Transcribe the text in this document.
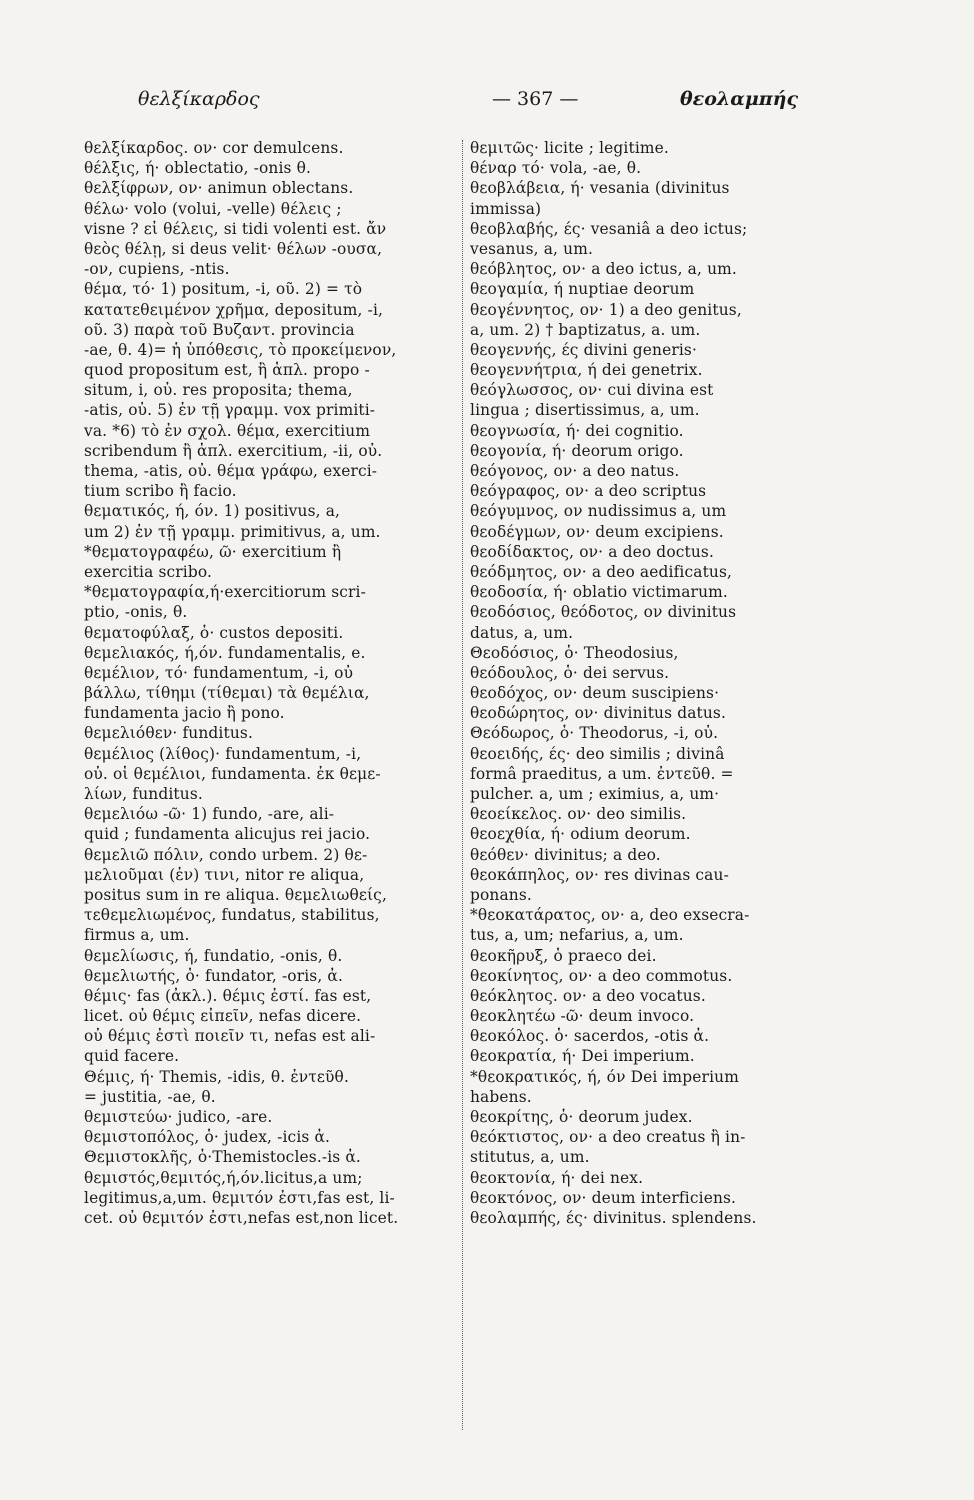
θελξίκαρδος	— 367 —	θεολαμπής
θελξίκαρδος. ον· cor demulcens.
θέλξις, ή· oblectatio, -onis θ.
θελξίφρων, ον· animun oblectans.
θέλω· volo (volui, -velle) θέλεις ;
visne ? εἰ θέλεις, si tidi volenti est. ἄν
θεὸς θέλῃ, si deus velit· θέλων -ουσα,
-ον, cupiens, -ntis.
θέμα, τό· 1) positum, -i, οῦ. 2) = τὸ
κατατεθειμένον χρῆμα, depositum, -i,
οῦ. 3) παρὰ τοῦ Βυζαντ. provincia
-ae, θ. 4)= ἡ ὑπόθεσις, τὸ προκείμενον,
quod propositum est, ἢ ἁπλ. propo -
situm, i, οὐ. res proposita; thema,
-atis, οὐ. 5) ἐν τῇ γραμμ. vox primiti-
va. *6) τὸ ἐν σχολ. θέμα, exercitium
scribendum ἢ ἁπλ. exercitium, -ii, οὐ.
thema, -atis, οὐ. θέμα γράφω, exerci-
tium scribo ἢ facio.
θεματικός, ή, όν. 1) positivus, a,
um 2) ἐν τῇ γραμμ. primitivus, a, um.
*θεματογραφέω, ῶ· exercitium ἢ
exercitia scribo.
*θεματογραφία,ή·exercitiorum scri-
ptio, -onis, θ.
θεματοφύλαξ, ὁ· custos depositi.
θεμελιακός, ή,όν. fundamentalis, e.
θεμέλιον, τό· fundamentum, -i, οὐ
βάλλω, τίθημι (τίθεμαι) τὰ θεμέλια,
fundamenta jacio ἢ pono.
θεμελιόθεν· funditus.
θεμέλιος (λίθος)· fundamentum, -i,
οὐ. οἱ θεμέλιοι, fundamenta. ἐκ θεμε-
λίων, funditus.
θεμελιόω -ῶ· 1) fundo, -are, ali-
quid ; fundamenta alicujus rei jacio.
θεμελιῶ πόλιν, condo urbem. 2) θε-
μελιοῦμαι (ἐν) τινι, nitor re aliqua,
positus sum in re aliqua. θεμελιωθείς,
τεθεμελιωμένος, fundatus, stabilitus,
firmus a, um.
θεμελίωσις, ή, fundatio, -onis, θ.
θεμελιωτής, ὁ· fundator, -oris, ἀ.
θέμις· fas (ἀκλ.). θέμις ἐστί. fas est,
licet. οὐ θέμις εἰπεῖν, nefas dicere.
οὐ θέμις ἐστὶ ποιεῖν τι, nefas est ali-
quid facere.
Θέμις, ή· Themis, -idis, θ. ἐντεῦθ.
= justitia, -ae, θ.
θεμιστεύω· judico, -are.
θεμιστοπόλος, ὁ· judex, -icis ἀ.
Θεμιστοκλῆς, ὁ·Themistocles.-is ἀ.
θεμιστός,θεμιτός,ή,όν.licitus,a um;
legitimus,a,um. θεμιτόν ἐστι,fas est, li-
cet. οὐ θεμιτόν ἐστι,nefas est,non licet.
θεμιτῶς· licite ; legitime.
θέναρ τό· vola, -ae, θ.
θεοβλάβεια, ή· vesania (divinitus
immissa)
θεοβλαβής, ές· vesaniâ a deo ictus;
vesanus, a, um.
θεόβλητος, ον· a deo ictus, a, um.
θεογαμία, ή nuptiae deorum
θεογέννητος, ον· 1) a deo genitus,
a, um. 2) † baptizatus, a. um.
θεογεννής, ές divini generis·
θεογεννήτρια, ή dei genetrix.
θεόγλωσσος, ον· cui divina est
lingua ; disertissimus, a, um.
θεογνωσία, ή· dei cognitio.
θεογονία, ή· deorum origo.
θεόγονος, ον· a deo natus.
θεόγραφος, ον· a deo scriptus
θεόγυμνος, ον nudissimus a, um
θεοδέγμων, ον· deum excipiens.
θεοδίδακτος, ον· a deo doctus.
θεόδμητος, ον· a deo aedificatus,
θεοδοσία, ή· oblatio victimarum.
θεοδόσιος, θεόδοτος, ον divinitus
datus, a, um.
Θεοδόσιος, ὁ· Theodosius,
θεόδουλος, ὁ· dei servus.
θεοδόχος, ον· deum suscipiens·
θεοδώρητος, ον· divinitus datus.
Θεόδωρος, ὁ· Theodorus, -i, οὐ.
θεοειδής, ές· deo similis ; divinâ
formâ praeditus, a um. ἐντεῦθ. =
pulcher. a, um ; eximius, a, um·
θεοείκελος. ον· deo similis.
θεοεχθία, ή· odium deorum.
θεόθεν· divinitus; a deo.
θεοκάπηλος, ον· res divinas cau-
ponans.
*θεοκατάρατος, ον· a, deo exsecra-
tus, a, um; nefarius, a, um.
θεοκῆρυξ, ὁ praeco dei.
θεοκίνητος, ον· a deo commotus.
θεόκλητος. ον· a deo vocatus.
θεοκλητέω -ῶ· deum invoco.
θεοκόλος. ὁ· sacerdos, -otis ἀ.
θεοκρατία, ή· Dei imperium.
*θεοκρατικός, ή, όν Dei imperium
habens.
θεοκρίτης, ὁ· deorum judex.
θεόκτιστος, ον· a deo creatus ἢ in-
stitutus, a, um.
θεοκτονία, ή· dei nex.
θεοκτόνος, ον· deum interficiens.
θεολαμπής, ές· divinitus. splendens.
